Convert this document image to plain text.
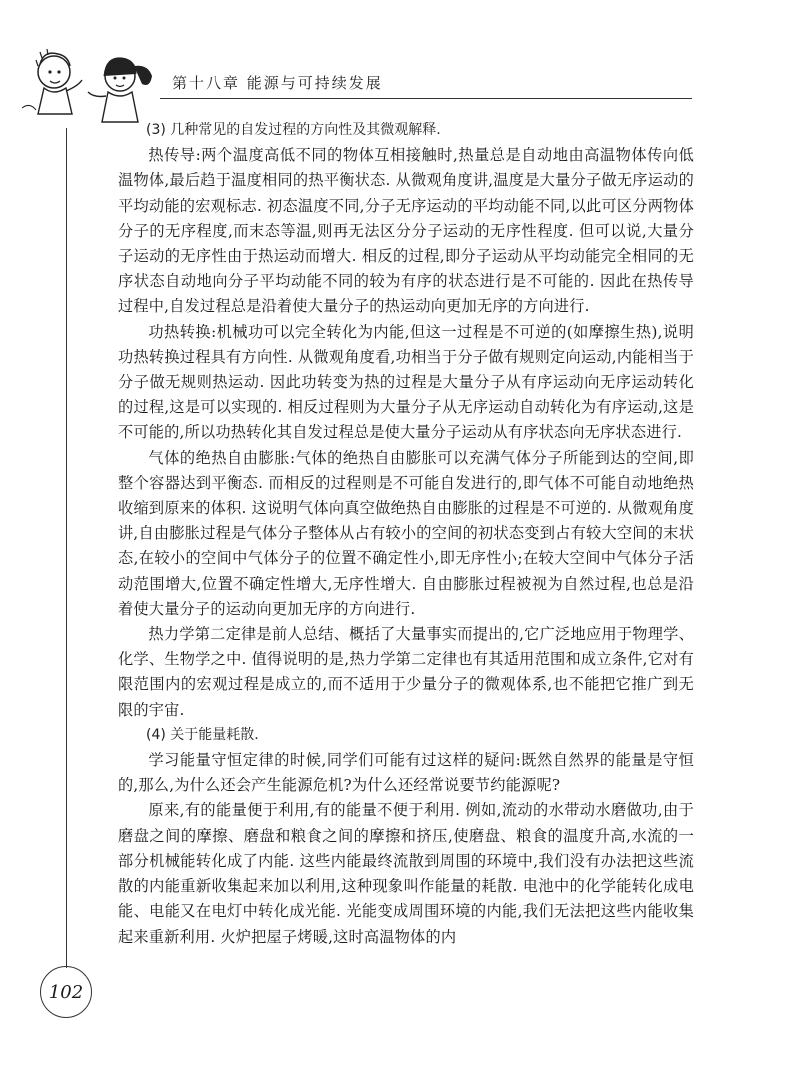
第十八章 能源与可持续发展

(3) 几种常见的自发过程的方向性及其微观解释.

热传导:两个温度高低不同的物体互相接触时,热量总是自动地由高温物体传向低温物体,最后趋于温度相同的热平衡状态. 从微观角度讲,温度是大量分子做无序运动的平均动能的宏观标志. 初态温度不同,分子无序运动的平均动能不同,以此可区分两物体分子的无序程度,而末态等温,则再无法区分分子运动的无序性程度. 但可以说,大量分子运动的无序性由于热运动而增大. 相反的过程,即分子运动从平均动能完全相同的无序状态自动地向分子平均动能不同的较为有序的状态进行是不可能的. 因此在热传导过程中,自发过程总是沿着使大量分子的热运动向更加无序的方向进行.

功热转换:机械功可以完全转化为内能,但这一过程是不可逆的(如摩擦生热),说明功热转换过程具有方向性. 从微观角度看,功相当于分子做有规则定向运动,内能相当于分子做无规则热运动. 因此功转变为热的过程是大量分子从有序运动向无序运动转化的过程,这是可以实现的. 相反过程则为大量分子从无序运动自动转化为有序运动,这是不可能的,所以功热转化其自发过程总是使大量分子运动从有序状态向无序状态进行.

气体的绝热自由膨胀:气体的绝热自由膨胀可以充满气体分子所能到达的空间,即整个容器达到平衡态. 而相反的过程则是不可能自发进行的,即气体不可能自动地绝热收缩到原来的体积. 这说明气体向真空做绝热自由膨胀的过程是不可逆的. 从微观角度讲,自由膨胀过程是气体分子整体从占有较小的空间的初状态变到占有较大空间的末状态,在较小的空间中气体分子的位置不确定性小,即无序性小;在较大空间中气体分子活动范围增大,位置不确定性增大,无序性增大. 自由膨胀过程被视为自然过程,也总是沿着使大量分子的运动向更加无序的方向进行.

热力学第二定律是前人总结、概括了大量事实而提出的,它广泛地应用于物理学、化学、生物学之中. 值得说明的是,热力学第二定律也有其适用范围和成立条件,它对有限范围内的宏观过程是成立的,而不适用于少量分子的微观体系,也不能把它推广到无限的宇宙.

(4) 关于能量耗散.

学习能量守恒定律的时候,同学们可能有过这样的疑问:既然自然界的能量是守恒的,那么,为什么还会产生能源危机?为什么还经常说要节约能源呢?

原来,有的能量便于利用,有的能量不便于利用. 例如,流动的水带动水磨做功,由于磨盘之间的摩擦、磨盘和粮食之间的摩擦和挤压,使磨盘、粮食的温度升高,水流的一部分机械能转化成了内能. 这些内能最终流散到周围的环境中,我们没有办法把这些流散的内能重新收集起来加以利用,这种现象叫作能量的耗散. 电池中的化学能转化成电能、电能又在电灯中转化成光能. 光能变成周围环境的内能,我们无法把这些内能收集起来重新利用. 火炉把屋子烤暖,这时高温物体的内

102
